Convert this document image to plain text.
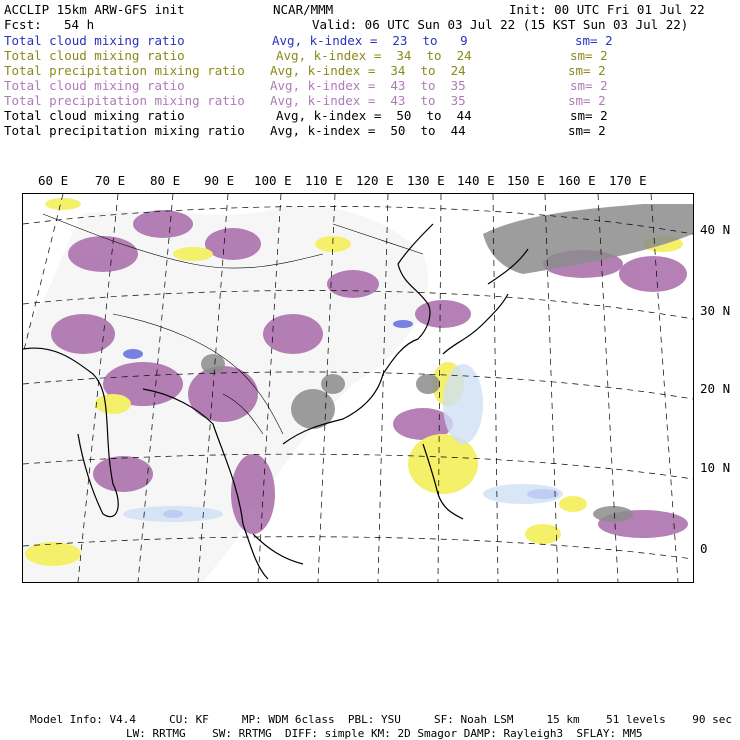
ACCLIP 15km ARW-GFS init	NCAR/MMM	Init: 00 UTC Fri 01 Jul 22
Fcst: 54 h	Valid: 06 UTC Sun 03 Jul 22 (15 KST Sun 03 Jul 22)
Total cloud mixing ratio	Avg, k-index =  23  to   9	sm= 2
Total cloud mixing ratio	Avg, k-index =  34  to  24	sm= 2
Total precipitation mixing ratio Avg, k-index =  34  to  24	sm= 2
Total cloud mixing ratio	Avg, k-index =  43  to  35	sm= 2
Total precipitation mixing ratio Avg, k-index =  43  to  35	sm= 2
Total cloud mixing ratio	Avg, k-index =  50  to  44	sm= 2
Total precipitation mixing ratio Avg, k-index =  50  to  44	sm= 2
60 E 70 E 80 E 90 E 100 E 110 E 120 E 130 E 140 E 150 E 160 E 170 E
40 N
30 N
20 N
10 N
0
Model Info: V4.4     CU: KF     MP: WDM 6class  PBL: YSU     SF: Noah LSM     15 km    51 levels    90 sec
LW: RRTMG    SW: RRTMG  DIFF: simple KM: 2D Smagor DAMP: Rayleigh3  SFLAY: MM5
